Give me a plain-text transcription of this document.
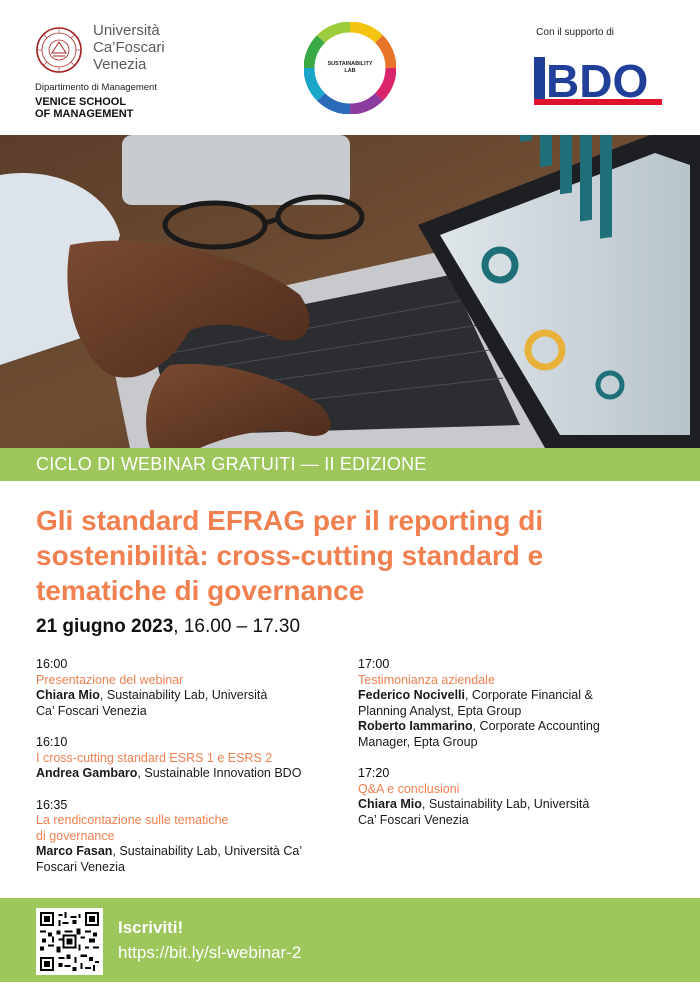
Università
Ca’Foscari
Venezia
Dipartimento di Management
VENICE SCHOOL
OF MANAGEMENT
SUSTAINABILITY
LAB
Con il supporto di
BDO
CICLO DI WEBINAR GRATUITI — II EDIZIONE
Gli standard EFRAG per il reporting di
sostenibilità: cross-cutting standard e
tematiche di governance
21 giugno 2023, 16.00 – 17.30
16:00
Presentazione del webinar
Chiara Mio, Sustainability Lab, Università
Ca’ Foscari Venezia
16:10
I cross-cutting standard ESRS 1 e ESRS 2
Andrea Gambaro, Sustainable Innovation BDO
16:35
La rendicontazione sulle tematiche
di governance
Marco Fasan, Sustainability Lab, Università Ca’
Foscari Venezia
17:00
Testimonianza aziendale
Federico Nocivelli, Corporate Financial &
Planning Analyst, Epta Group
Roberto Iammarino, Corporate Accounting
Manager, Epta Group
17:20
Q&A e conclusioni
Chiara Mio, Sustainability Lab, Università
Ca’ Foscari Venezia
Iscriviti!
https://bit.ly/sl-webinar-2
